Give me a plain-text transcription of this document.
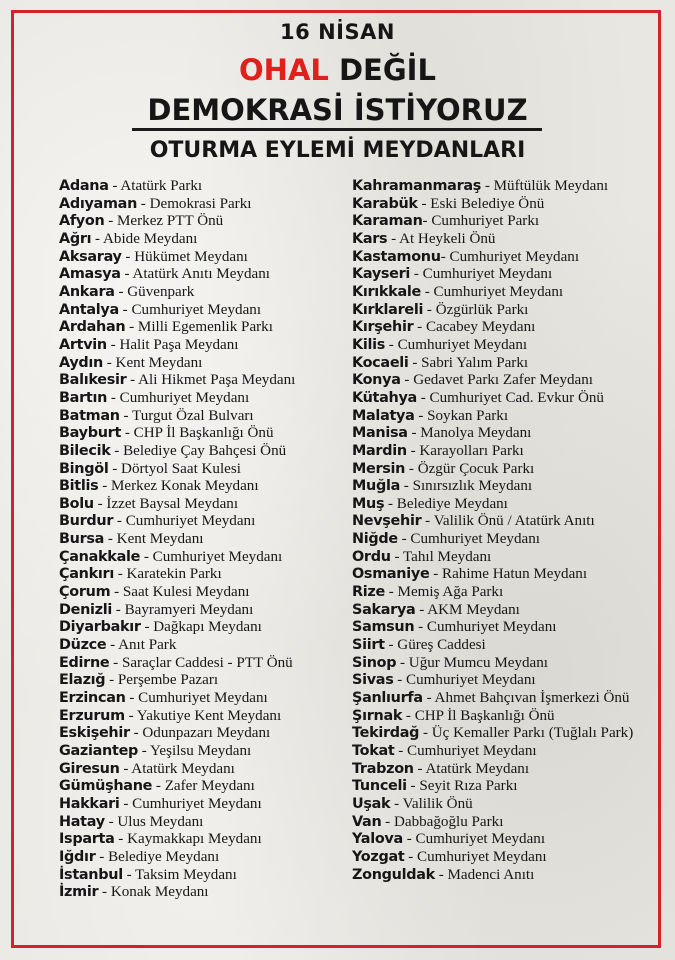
16 NİSAN
OHAL DEĞİL
DEMOKRASİ İSTİYORUZ
OTURMA EYLEMİ MEYDANLARI
Adana - Atatürk Parkı
Adıyaman - Demokrasi Parkı
Afyon - Merkez PTT Önü
Ağrı - Abide Meydanı
Aksaray - Hükümet Meydanı
Amasya - Atatürk Anıtı Meydanı
Ankara - Güvenpark
Antalya - Cumhuriyet Meydanı
Ardahan - Milli Egemenlik Parkı
Artvin - Halit Paşa Meydanı
Aydın - Kent Meydanı
Balıkesir - Ali Hikmet Paşa Meydanı
Bartın - Cumhuriyet Meydanı
Batman - Turgut Özal Bulvarı
Bayburt - CHP İl Başkanlığı Önü
Bilecik - Belediye Çay Bahçesi Önü
Bingöl - Dörtyol Saat Kulesi
Bitlis - Merkez Konak Meydanı
Bolu - İzzet Baysal Meydanı
Burdur - Cumhuriyet Meydanı
Bursa - Kent Meydanı
Çanakkale - Cumhuriyet Meydanı
Çankırı - Karatekin Parkı
Çorum - Saat Kulesi Meydanı
Denizli - Bayramyeri Meydanı
Diyarbakır - Dağkapı Meydanı
Düzce - Anıt Park
Edirne - Saraçlar Caddesi - PTT Önü
Elazığ - Perşembe Pazarı
Erzincan - Cumhuriyet Meydanı
Erzurum - Yakutiye Kent Meydanı
Eskişehir - Odunpazarı Meydanı
Gaziantep - Yeşilsu Meydanı
Giresun - Atatürk Meydanı
Gümüşhane - Zafer Meydanı
Hakkari - Cumhuriyet Meydanı
Hatay - Ulus Meydanı
Isparta - Kaymakkapı Meydanı
Iğdır - Belediye Meydanı
İstanbul - Taksim Meydanı
İzmir - Konak Meydanı
Kahramanmaraş - Müftülük Meydanı
Karabük - Eski Belediye Önü
Karaman- Cumhuriyet Parkı
Kars - At Heykeli Önü
Kastamonu- Cumhuriyet Meydanı
Kayseri - Cumhuriyet Meydanı
Kırıkkale - Cumhuriyet Meydanı
Kırklareli - Özgürlük Parkı
Kırşehir - Cacabey Meydanı
Kilis - Cumhuriyet Meydanı
Kocaeli - Sabri Yalım Parkı
Konya - Gedavet Parkı Zafer Meydanı
Kütahya - Cumhuriyet Cad. Evkur Önü
Malatya - Soykan Parkı
Manisa - Manolya Meydanı
Mardin - Karayolları Parkı
Mersin - Özgür Çocuk Parkı
Muğla - Sınırsızlık Meydanı
Muş - Belediye Meydanı
Nevşehir - Valilik Önü / Atatürk Anıtı
Niğde - Cumhuriyet Meydanı
Ordu - Tahıl Meydanı
Osmaniye - Rahime Hatun Meydanı
Rize - Memiş Ağa Parkı
Sakarya - AKM Meydanı
Samsun - Cumhuriyet Meydanı
Siirt - Güreş Caddesi
Sinop - Uğur Mumcu Meydanı
Sivas - Cumhuriyet Meydanı
Şanlıurfa - Ahmet Bahçıvan İşmerkezi Önü
Şırnak - CHP İl Başkanlığı Önü
Tekirdağ - Üç Kemaller Parkı (Tuğlalı Park)
Tokat - Cumhuriyet Meydanı
Trabzon - Atatürk Meydanı
Tunceli - Seyit Rıza Parkı
Uşak - Valilik Önü
Van - Dabbağoğlu Parkı
Yalova - Cumhuriyet Meydanı
Yozgat - Cumhuriyet Meydanı
Zonguldak - Madenci Anıtı
